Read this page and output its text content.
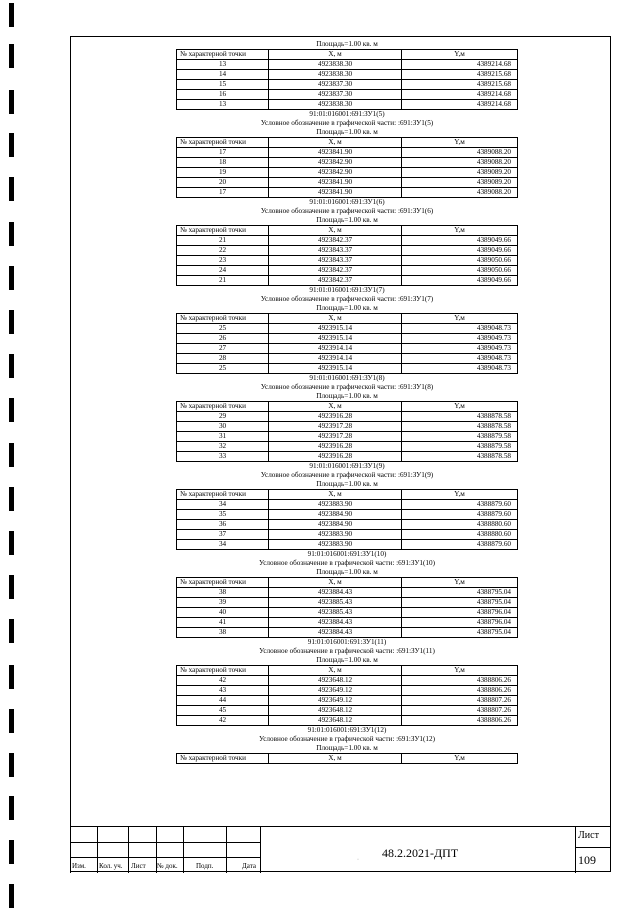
Площадь=1.00 кв. м
№ характерной точки	X, м	Y,м
13	4923838.30	4389214.68
14	4923838.30	4389215.68
15	4923837.30	4389215.68
16	4923837.30	4389214.68
13	4923838.30	4389214.68
91:01:016001:691:ЗУ1(5)
Условное обозначение в графической части: :691:ЗУ1(5)
Площадь=1.00 кв. м
№ характерной точки	X, м	Y,м
17	4923841.90	4389088.20
18	4923842.90	4389088.20
19	4923842.90	4389089.20
20	4923841.90	4389089.20
17	4923841.90	4389088.20
91:01:016001:691:ЗУ1(6)
Условное обозначение в графической части: :691:ЗУ1(6)
Площадь=1.00 кв. м
№ характерной точки	X, м	Y,м
21	4923842.37	4389049.66
22	4923843.37	4389049.66
23	4923843.37	4389050.66
24	4923842.37	4389050.66
21	4923842.37	4389049.66
91:01:016001:691:ЗУ1(7)
Условное обозначение в графической части: :691:ЗУ1(7)
Площадь=1.00 кв. м
№ характерной точки	X, м	Y,м
25	4923915.14	4389048.73
26	4923915.14	4389049.73
27	4923914.14	4389049.73
28	4923914.14	4389048.73
25	4923915.14	4389048.73
91:01:016001:691:ЗУ1(8)
Условное обозначение в графической части: :691:ЗУ1(8)
Площадь=1.00 кв. м
№ характерной точки	X, м	Y,м
29	4923916.28	4388878.58
30	4923917.28	4388878.58
31	4923917.28	4388879.58
32	4923916.28	4388879.58
33	4923916.28	4388878.58
91:01:016001:691:ЗУ1(9)
Условное обозначение в графической части: :691:ЗУ1(9)
Площадь=1.00 кв. м
№ характерной точки	X, м	Y,м
34	4923883.90	4388879.60
35	4923884.90	4388879.60
36	4923884.90	4388880.60
37	4923883.90	4388880.60
34	4923883.90	4388879.60
91:01:016001:691:ЗУ1(10)
Условное обозначение в графической части: :691:ЗУ1(10)
Площадь=1.00 кв. м
№ характерной точки	X, м	Y,м
38	4923884.43	4388795.04
39	4923885.43	4388795.04
40	4923885.43	4388796.04
41	4923884.43	4388796.04
38	4923884.43	4388795.04
91:01:016001:691:ЗУ1(11)
Условное обозначение в графической части: :691:ЗУ1(11)
Площадь=1.00 кв. м
№ характерной точки	X, м	Y,м
42	4923648.12	4388806.26
43	4923649.12	4388806.26
44	4923649.12	4388807.26
45	4923648.12	4388807.26
42	4923648.12	4388806.26
91:01:016001:691:ЗУ1(12)
Условное обозначение в графической части: :691:ЗУ1(12)
Площадь=1.00 кв. м
№ характерной точки	X, м	Y,м
Изм. Кол. уч. Лист № док.	Подп.	Дата
48.2.2021-ДПТ
Лист
109
·
